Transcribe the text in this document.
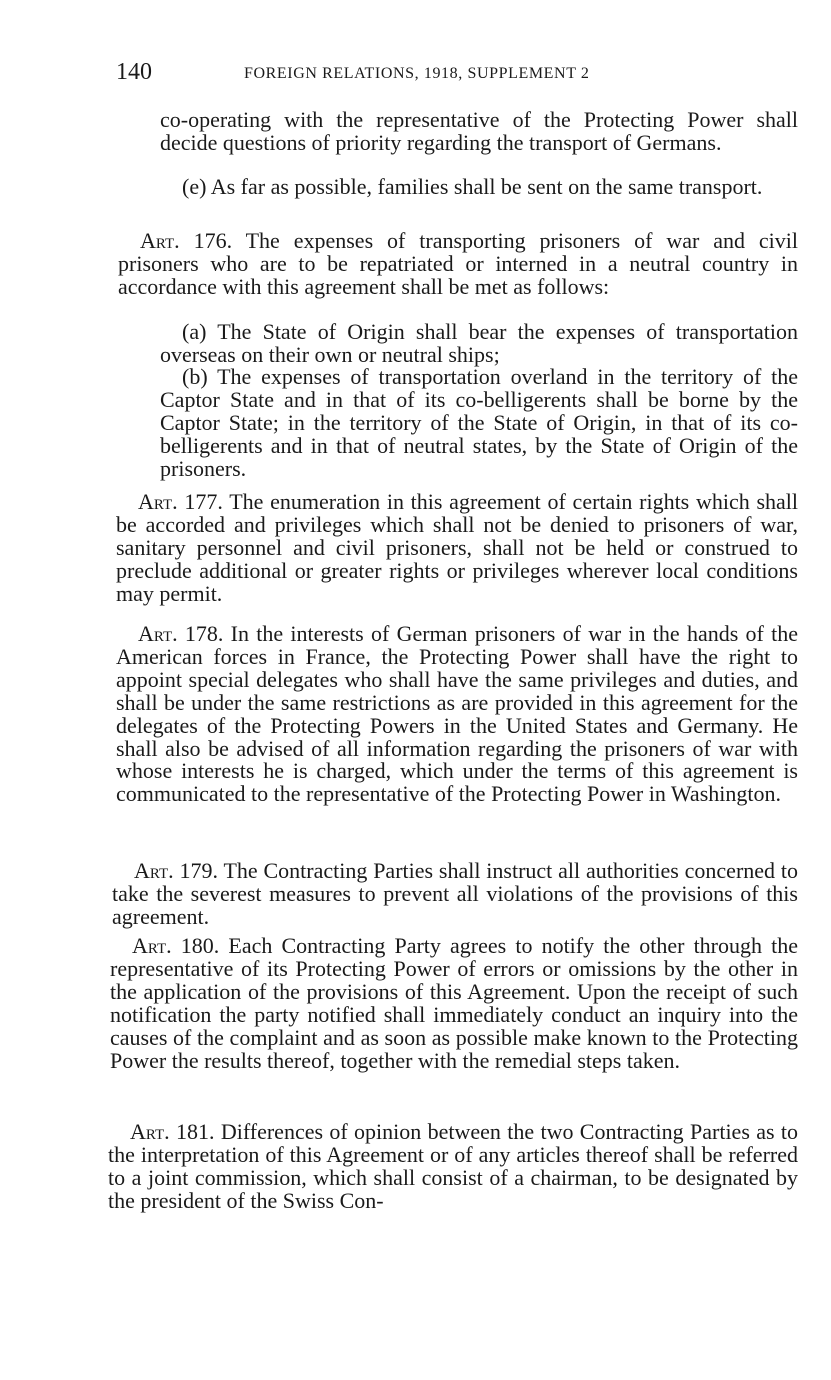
140	FOREIGN RELATIONS, 1918, SUPPLEMENT 2

co-operating with the representative of the Protecting Power shall decide questions of priority regarding the transport of Germans.

(e) As far as possible, families shall be sent on the same transport.

Art. 176. The expenses of transporting prisoners of war and civil prisoners who are to be repatriated or interned in a neutral country in accordance with this agreement shall be met as follows:

(a) The State of Origin shall bear the expenses of transportation overseas on their own or neutral ships;

(b) The expenses of transportation overland in the territory of the Captor State and in that of its co-belligerents shall be borne by the Captor State; in the territory of the State of Origin, in that of its co-belligerents and in that of neutral states, by the State of Origin of the prisoners.

Art. 177. The enumeration in this agreement of certain rights which shall be accorded and privileges which shall not be denied to prisoners of war, sanitary personnel and civil prisoners, shall not be held or construed to preclude additional or greater rights or privileges wherever local conditions may permit.

Art. 178. In the interests of German prisoners of war in the hands of the American forces in France, the Protecting Power shall have the right to appoint special delegates who shall have the same privileges and duties, and shall be under the same restrictions as are provided in this agreement for the delegates of the Protecting Powers in the United States and Germany. He shall also be advised of all information regarding the prisoners of war with whose interests he is charged, which under the terms of this agreement is communicated to the representative of the Protecting Power in Washington.

Art. 179. The Contracting Parties shall instruct all authorities concerned to take the severest measures to prevent all violations of the provisions of this agreement.

Art. 180. Each Contracting Party agrees to notify the other through the representative of its Protecting Power of errors or omissions by the other in the application of the provisions of this Agreement. Upon the receipt of such notification the party notified shall immediately conduct an inquiry into the causes of the complaint and as soon as possible make known to the Protecting Power the results thereof, together with the remedial steps taken.

Art. 181. Differences of opinion between the two Contracting Parties as to the interpretation of this Agreement or of any articles thereof shall be referred to a joint commission, which shall consist of a chairman, to be designated by the president of the Swiss Con-
